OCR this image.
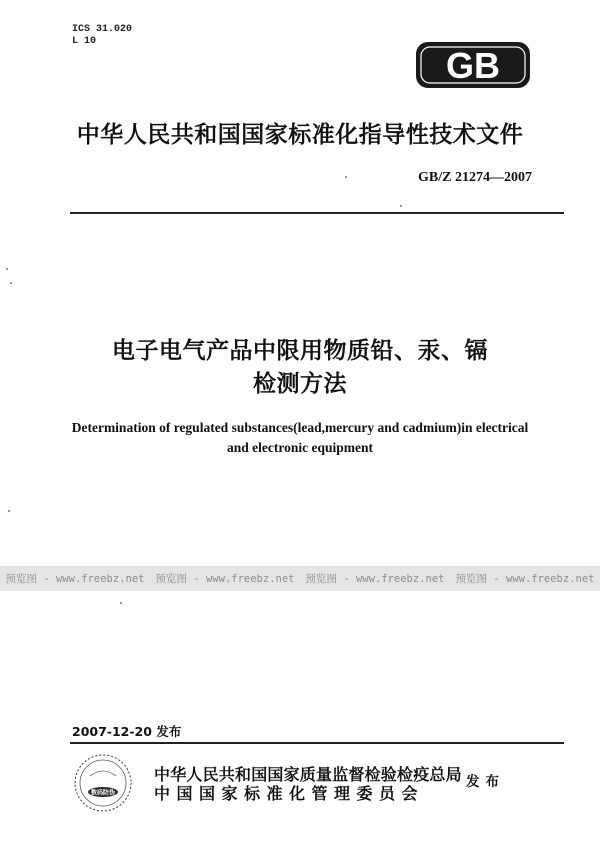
ICS 31.020
L 10
GB
中华人民共和国国家标准化指导性技术文件
GB/Z 21274—2007
电子电气产品中限用物质铅、汞、镉
检测方法
Determination of regulated substances(lead,mercury and cadmium)in electrical
and electronic equipment
预览图 - www.freebz.net 预览图 - www.freebz.net 预览图 - www.freebz.net 预览图 - www.freebz.net
2007-12-20 发布
数码防伪
中华人民共和国国家质量监督检验检疫总局
中国国家标准化管理委员会
发布
